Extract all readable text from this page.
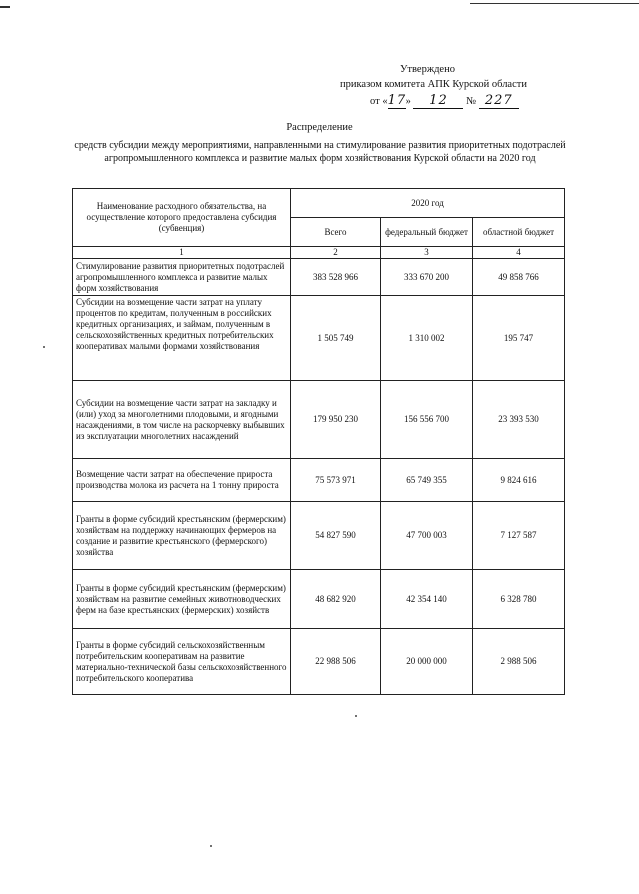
Утверждено
приказом комитета АПК Курской области
от «17» 12 № 227
Распределение
средств субсидии между мероприятиями, направленными на стимулирование развития приоритетных подотраслей агропромышленного комплекса и развитие малых форм хозяйствования Курской области на 2020 год
Наименование расходного обязательства, на осуществление которого предоставлена субсидия (субвенция)	2020 год		
	Всего	федеральный бюджет	областной бюджет
1	2	3	4
Стимулирование развития приоритетных подотраслей агропромышленного комплекса и развитие малых форм хозяйствования	383 528 966	333 670 200	49 858 766
Субсидии на возмещение части затрат на уплату процентов по кредитам, полученным в российских кредитных организациях, и займам, полученным в сельскохозяйственных кредитных потребительских кооперативах малыми формами хозяйствования	1 505 749	1 310 002	195 747
Субсидии на возмещение части затрат на закладку и (или) уход за многолетними плодовыми, и ягодными насаждениями, в том числе на раскорчевку выбывших из эксплуатации многолетних насаждений	179 950 230	156 556 700	23 393 530
Возмещение части затрат на обеспечение прироста производства молока из расчета на 1 тонну прироста	75 573 971	65 749 355	9 824 616
Гранты в форме субсидий крестьянским (фермерским) хозяйствам на поддержку начинающих фермеров на создание и развитие крестьянского (фермерского) хозяйства	54 827 590	47 700 003	7 127 587
Гранты в форме субсидий крестьянским (фермерским) хозяйствам на развитие семейных животноводческих ферм на базе крестьянских (фермерских) хозяйств	48 682 920	42 354 140	6 328 780
Гранты в форме субсидий сельскохозяйственным потребительским кооперативам на развитие материально-технической базы сельскохозяйственного потребительского кооператива	22 988 506	20 000 000	2 988 506
